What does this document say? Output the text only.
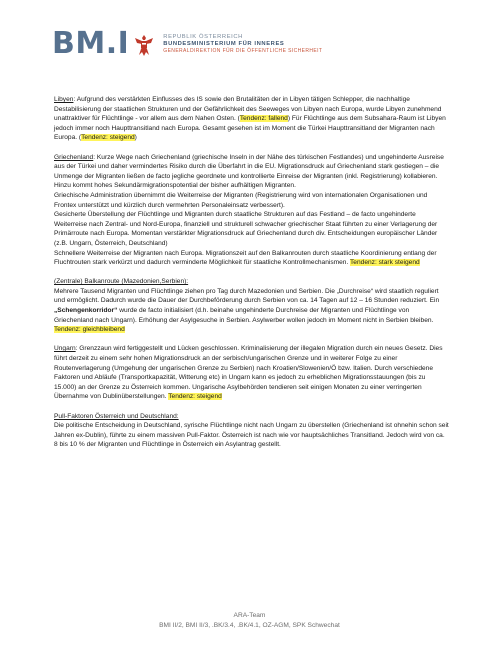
BM.I	REPUBLIK ÖSTERREICH
BUNDESMINISTERIUM FÜR INNERES
GENERALDIREKTION FÜR DIE ÖFFENTLICHE SICHERHEIT

Libyen: Aufgrund des verstärkten Einflusses des IS sowie den Brutalitäten der in Libyen tätigen Schlepper, die nachhaltige Destabilisierung der staatlichen Strukturen und der Gefährlichkeit des Seeweges von Libyen nach Europa, wurde Libyen zunehmend unattraktiver für Flüchtlinge - vor allem aus dem Nahen Osten. (Tendenz: fallend) Für Flüchtlinge aus dem Subsahara-Raum ist Libyen jedoch immer noch Haupttransitland nach Europa. Gesamt gesehen ist im Moment die Türkei Haupttransitland der Migranten nach Europa. (Tendenz: steigend)

Griechenland: Kurze Wege nach Griechenland (griechische Inseln in der Nähe des türkischen Festlandes) und ungehinderte Ausreise aus der Türkei und daher vermindertes Risiko durch die Überfahrt in die EU. Migrationsdruck auf Griechenland stark gestiegen – die Unmenge der Migranten ließen de facto jegliche geordnete und kontrollierte Einreise der Migranten (inkl. Registrierung) kollabieren. Hinzu kommt hohes Sekundärmigrationspotential der bisher aufhältigen Migranten.

Griechische Administration übernimmt die Weiterreise der Migranten (Registrierung wird von internationalen Organisationen und Frontex unterstützt und kürzlich durch vermehrten Personaleinsatz verbessert).

Gesicherte Überstellung der Flüchtlinge und Migranten durch staatliche Strukturen auf das Festland – de facto ungehinderte Weiterreise nach Zentral- und Nord-Europa, finanziell und strukturell schwacher griechischer Staat führten zu einer Verlagerung der Primärroute nach Europa. Momentan verstärkter Migrationsdruck auf Griechenland durch div. Entscheidungen europäischer Länder (z.B. Ungarn, Österreich, Deutschland)

Schnellere Weiterreise der Migranten nach Europa. Migrationszeit auf den Balkanrouten durch staatliche Koordinierung entlang der Fluchtrouten stark verkürzt und dadurch verminderte Möglichkeit für staatliche Kontrollmechanismen. Tendenz: stark steigend

(Zentrale) Balkanroute (Mazedonien,Serbien):

Mehrere Tausend Migranten und Flüchtlinge ziehen pro Tag durch Mazedonien und Serbien. Die „Durchreise“ wird staatlich reguliert und ermöglicht. Dadurch wurde die Dauer der Durchbeförderung durch Serbien von ca. 14 Tagen auf 12 – 16 Stunden reduziert. Ein „Schengenkorridor“ wurde de facto initialisiert (d.h. beinahe ungehinderte Durchreise der Migranten und Flüchtlinge von Griechenland nach Ungarn). Erhöhung der Asylgesuche in Serbien. Asylwerber wollen jedoch im Moment nicht in Serbien bleiben.

Tendenz: gleichbleibend

Ungarn: Grenzzaun wird fertiggestellt und Lücken geschlossen. Kriminalisierung der illegalen Migration durch ein neues Gesetz. Dies führt derzeit zu einem sehr hohen Migrationsdruck an der serbisch/ungarischen Grenze und in weiterer Folge zu einer Routenverlagerung (Umgehung der ungarischen Grenze zu Serbien) nach Kroatien/Slowenien/Ö bzw. Italien. Durch verschiedene Faktoren und Abläufe (Transportkapazität, Witterung etc) in Ungarn kann es jedoch zu erheblichen Migrationsstauungen (bis zu 15.000) an der Grenze zu Österreich kommen. Ungarische Asylbehörden tendieren seit einigen Monaten zu einer verringerten Übernahme von Dublinüberstellungen. Tendenz: steigend

Pull-Faktoren Österreich und Deutschland:

Die politische Entscheidung in Deutschland, syrische Flüchtlinge nicht nach Ungarn zu überstellen (Griechenland ist ohnehin schon seit Jahren ex-Dublin), führte zu einem massiven Pull-Faktor. Österreich ist nach wie vor hauptsächliches Transitland. Jedoch wird von ca. 8 bis 10 % der Migranten und Flüchtlinge in Österreich ein Asylantrag gestellt.

ARA-Team
BMI II/2, BMI II/3, .BK/3.4, .BK/4.1, OZ-AGM, SPK Schwechat
